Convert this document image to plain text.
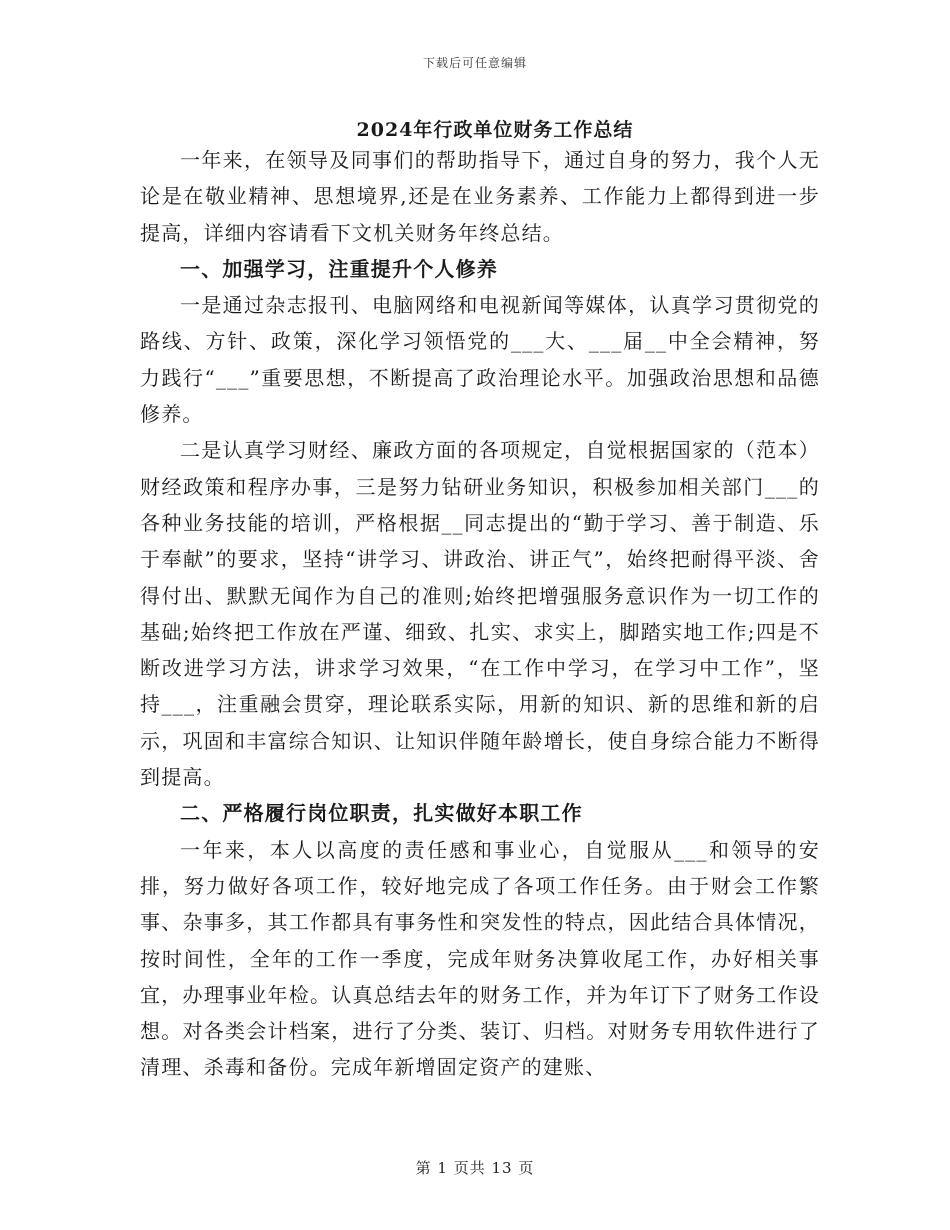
下载后可任意编辑
2024年行政单位财务工作总结

一年来，在领导及同事们的帮助指导下，通过自身的努力，我个人无论是在敬业精神、思想境界,还是在业务素养、工作能力上都得到进一步提高，详细内容请看下文机关财务年终总结。

一、加强学习，注重提升个人修养

一是通过杂志报刊、电脑网络和电视新闻等媒体，认真学习贯彻党的路线、方针、政策，深化学习领悟党的___大、___届__中全会精神，努力践行“___”重要思想，不断提高了政治理论水平。加强政治思想和品德修养。

二是认真学习财经、廉政方面的各项规定，自觉根据国家的（范本）财经政策和程序办事，三是努力钻研业务知识，积极参加相关部门___的各种业务技能的培训，严格根据__同志提出的“勤于学习、善于制造、乐于奉献”的要求，坚持“讲学习、讲政治、讲正气”，始终把耐得平淡、舍得付出、默默无闻作为自己的准则;始终把增强服务意识作为一切工作的基础;始终把工作放在严谨、细致、扎实、求实上，脚踏实地工作;四是不断改进学习方法，讲求学习效果，“在工作中学习，在学习中工作”，坚持___，注重融会贯穿，理论联系实际，用新的知识、新的思维和新的启示，巩固和丰富综合知识、让知识伴随年龄增长，使自身综合能力不断得到提高。

二、严格履行岗位职责，扎实做好本职工作

一年来，本人以高度的责任感和事业心，自觉服从___和领导的安排，努力做好各项工作，较好地完成了各项工作任务。由于财会工作繁事、杂事多，其工作都具有事务性和突发性的特点，因此结合具体情况，按时间性，全年的工作一季度，完成年财务决算收尾工作，办好相关事宜，办理事业年检。认真总结去年的财务工作，并为年订下了财务工作设想。对各类会计档案，进行了分类、装订、归档。对财务专用软件进行了清理、杀毒和备份。完成年新增固定资产的建账、

第 1 页共 13 页
